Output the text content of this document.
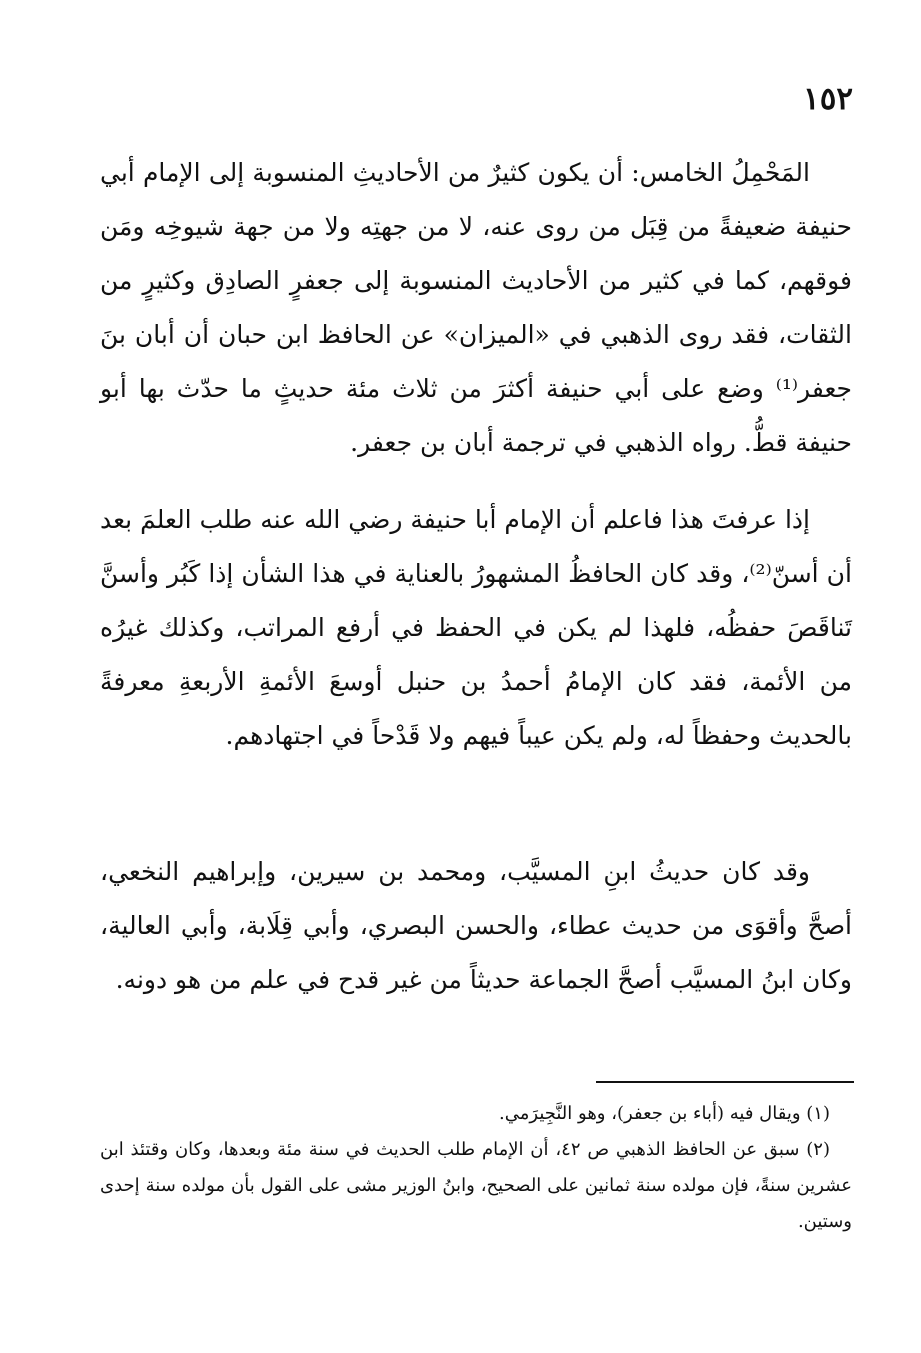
١٥٢

المَحْمِلُ الخامس: أن يكون كثيرٌ من الأحاديثِ المنسوبة إلى الإمام أبي حنيفة ضعيفةً من قِبَل من روى عنه، لا من جهتِه ولا من جهة شيوخِه ومَن فوقهم، كما في كثير من الأحاديث المنسوبة إلى جعفرٍ الصادِق وكثيرٍ من الثقات، فقد روى الذهبي في «الميزان» عن الحافظ ابن حبان أن أبان بنَ جعفر⁽¹⁾ وضع على أبي حنيفة أكثرَ من ثلاث مئة حديثٍ ما حدّث بها أبو حنيفة قطُّ. رواه الذهبي في ترجمة أبان بن جعفر.

إذا عرفتَ هذا فاعلم أن الإمام أبا حنيفة رضي الله عنه طلب العلمَ بعد أن أسنّ⁽²⁾، وقد كان الحافظُ المشهورُ بالعناية في هذا الشأن إذا كَبُر وأسنَّ تَناقَصَ حفظُه، فلهذا لم يكن في الحفظ في أرفع المراتب، وكذلك غيرُه من الأئمة، فقد كان الإمامُ أحمدُ بن حنبل أوسعَ الأئمةِ الأربعةِ معرفةً بالحديث وحفظاً له، ولم يكن عيباً فيهم ولا قَدْحاً في اجتهادهم.

وقد كان حديثُ ابنِ المسيَّب، ومحمد بن سيرين، وإبراهيم النخعي، أصحَّ وأقوَى من حديث عطاء، والحسن البصري، وأبي قِلَابة، وأبي العالية، وكان ابنُ المسيَّب أصحَّ الجماعة حديثاً من غير قدح في علم من هو دونه.

(١) ويقال فيه (أباء بن جعفر)، وهو النَّجِيرَمي.

(٢) سبق عن الحافظ الذهبي ص ٤٢، أن الإمام طلب الحديث في سنة مئة وبعدها، وكان وقتئذ ابن عشرين سنةً، فإن مولده سنة ثمانين على الصحيح، وابنُ الوزير مشى على القول بأن مولده سنة إحدى وستين.
